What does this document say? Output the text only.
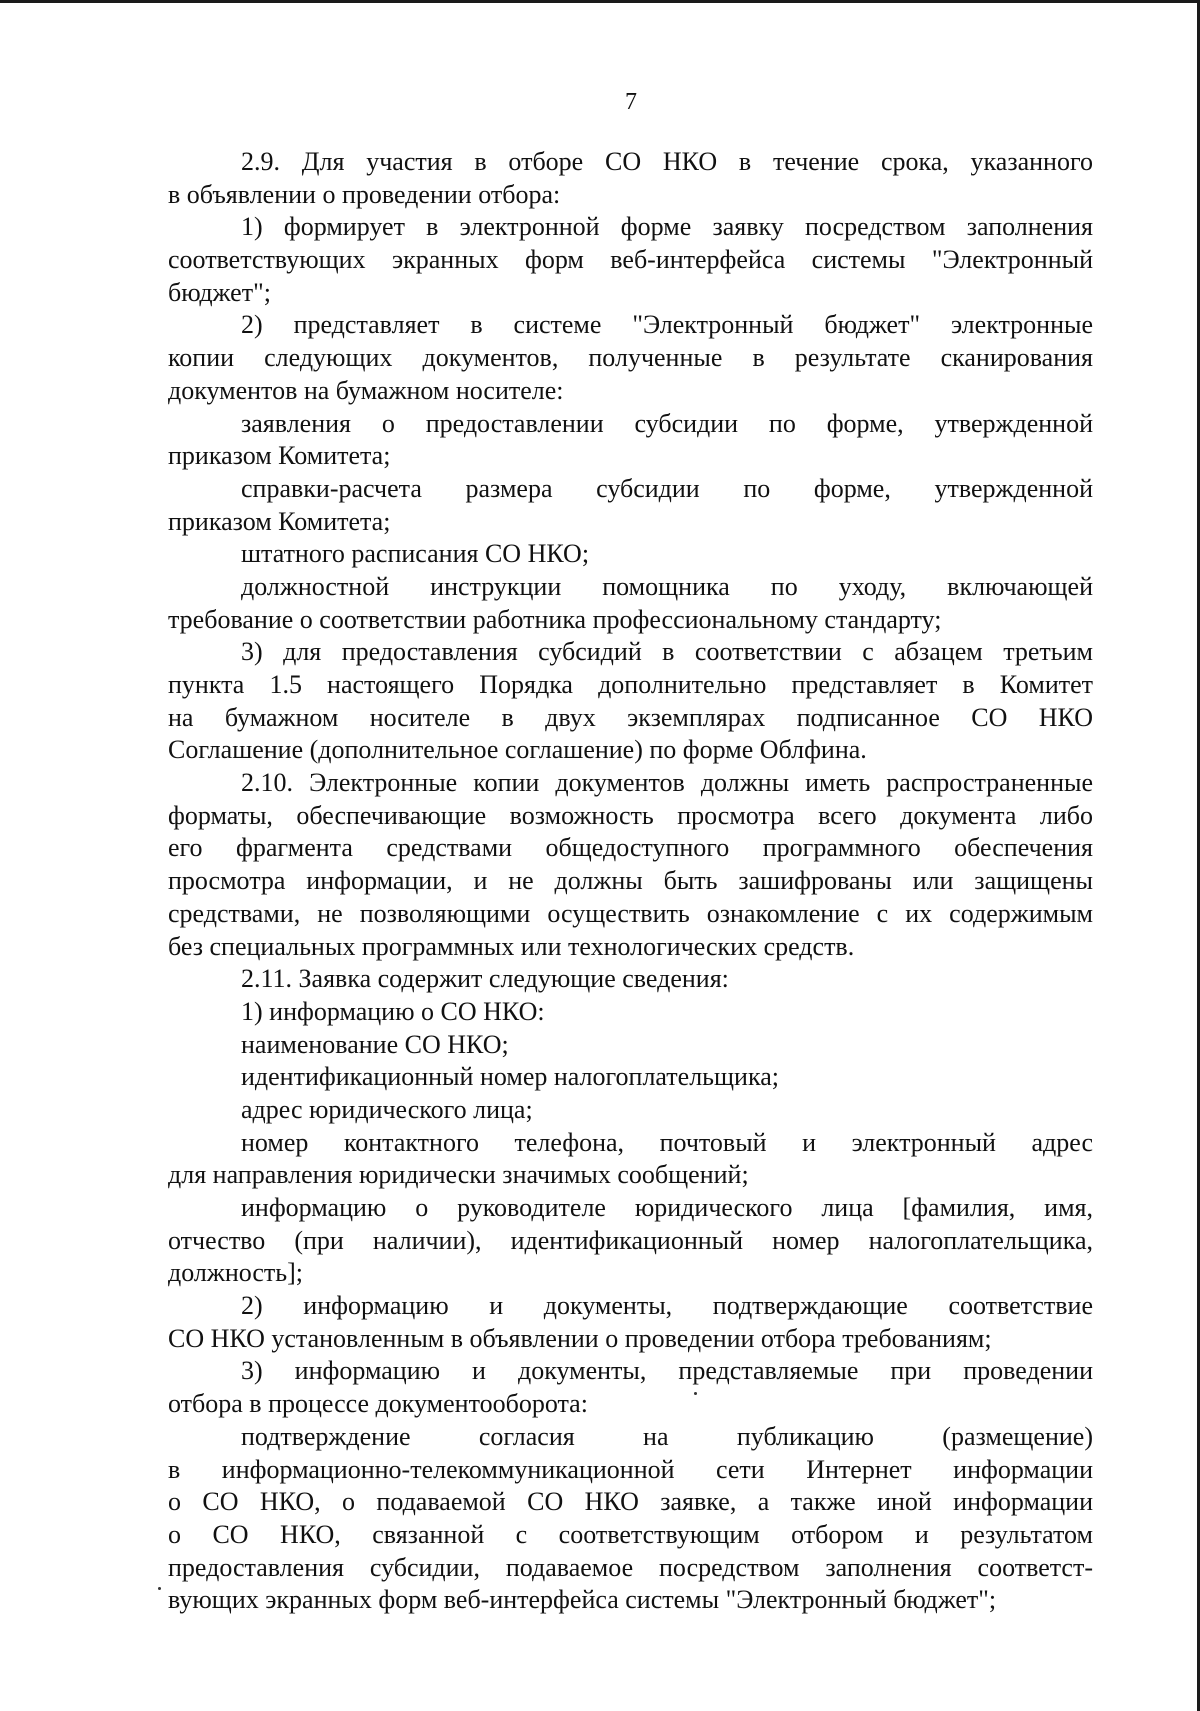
7
2.9. Для участия в отборе СО НКО в течение срока, указанного
в объявлении о проведении отбора:
1) формирует в электронной форме заявку посредством заполнения
соответствующих экранных форм веб-интерфейса системы "Электронный
бюджет";
2) представляет в системе "Электронный бюджет" электронные
копии следующих документов, полученные в результате сканирования
документов на бумажном носителе:
заявления о предоставлении субсидии по форме, утвержденной
приказом Комитета;
справки-расчета размера субсидии по форме, утвержденной
приказом Комитета;
штатного расписания СО НКО;
должностной инструкции помощника по уходу, включающей
требование о соответствии работника профессиональному стандарту;
3) для предоставления субсидий в соответствии с абзацем третьим
пункта 1.5 настоящего Порядка дополнительно представляет в Комитет
на бумажном носителе в двух экземплярах подписанное СО НКО
Соглашение (дополнительное соглашение) по форме Облфина.
2.10. Электронные копии документов должны иметь распространенные
форматы, обеспечивающие возможность просмотра всего документа либо
его фрагмента средствами общедоступного программного обеспечения
просмотра информации, и не должны быть зашифрованы или защищены
средствами, не позволяющими осуществить ознакомление с их содержимым
без специальных программных или технологических средств.
2.11. Заявка содержит следующие сведения:
1) информацию о СО НКО:
наименование СО НКО;
идентификационный номер налогоплательщика;
адрес юридического лица;
номер контактного телефона, почтовый и электронный адрес
для направления юридически значимых сообщений;
информацию о руководителе юридического лица [фамилия, имя,
отчество (при наличии), идентификационный номер налогоплательщика,
должность];
2) информацию и документы, подтверждающие соответствие
СО НКО установленным в объявлении о проведении отбора требованиям;
3) информацию и документы, представляемые при проведении
отбора в процессе документооборота:
подтверждение согласия на публикацию (размещение)
в информационно-телекоммуникационной сети Интернет информации
о СО НКО, о подаваемой СО НКО заявке, а также иной информации
о СО НКО, связанной с соответствующим отбором и результатом
предоставления субсидии, подаваемое посредством заполнения соответст-
вующих экранных форм веб-интерфейса системы "Электронный бюджет";
